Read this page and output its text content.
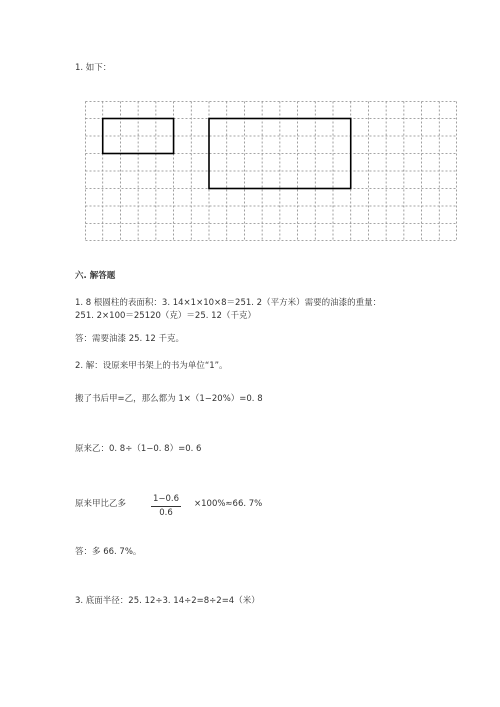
1. 如下：
六. 解答题
1. 8 根圆柱的表面积：3. 14×1×10×8＝251. 2（平方米）需要的油漆的重量：
251. 2×100＝25120（克）＝25. 12（千克）
答：需要油漆 25. 12 千克。
2. 解：设原来甲书架上的书为单位“1”。
搬了书后甲=乙，那么都为 1×（1−20%）=0. 8
原来乙：0. 8÷（1−0. 8）=0. 6
原来甲比乙多	1−0.6
0.6
×100%≈66. 7%
答：多 66. 7%。
3. 底面半径：25. 12÷3. 14÷2=8÷2=4（米）
